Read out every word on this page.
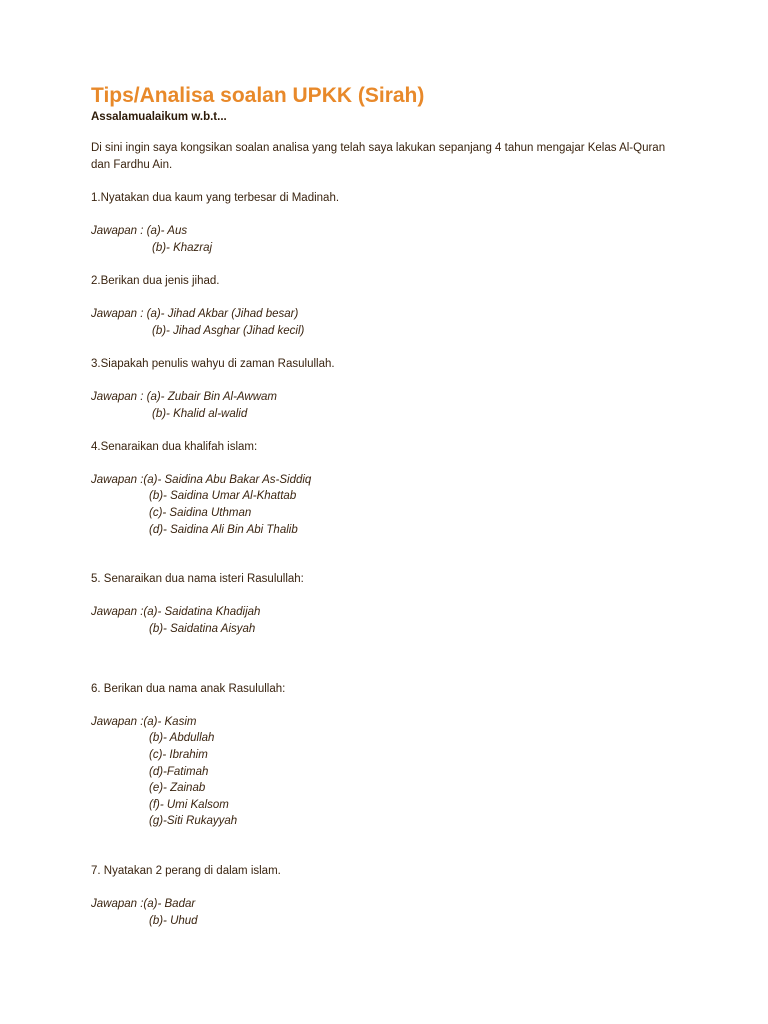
Tips/Analisa soalan UPKK (Sirah)
Assalamualaikum w.b.t...
Di sini ingin saya kongsikan soalan analisa yang telah saya lakukan sepanjang 4 tahun mengajar Kelas Al-Quran dan Fardhu Ain.
1.Nyatakan dua kaum yang terbesar di Madinah.
Jawapan : (a)- Aus
(b)- Khazraj
2.Berikan dua jenis jihad.
Jawapan : (a)- Jihad Akbar (Jihad besar)
(b)- Jihad Asghar (Jihad kecil)
3.Siapakah penulis wahyu di zaman Rasulullah.
Jawapan : (a)- Zubair Bin Al-Awwam
(b)- Khalid al-walid
4.Senaraikan dua khalifah islam:
Jawapan :(a)- Saidina Abu Bakar As-Siddiq
(b)- Saidina Umar Al-Khattab
(c)- Saidina Uthman
(d)- Saidina Ali Bin Abi Thalib
5. Senaraikan dua nama isteri Rasulullah:
Jawapan :(a)- Saidatina Khadijah
(b)- Saidatina Aisyah
6. Berikan dua nama anak Rasulullah:
Jawapan :(a)- Kasim
(b)- Abdullah
(c)- Ibrahim
(d)-Fatimah
(e)- Zainab
(f)- Umi Kalsom
(g)-Siti Rukayyah
7. Nyatakan 2 perang di dalam islam.
Jawapan :(a)- Badar
(b)- Uhud
